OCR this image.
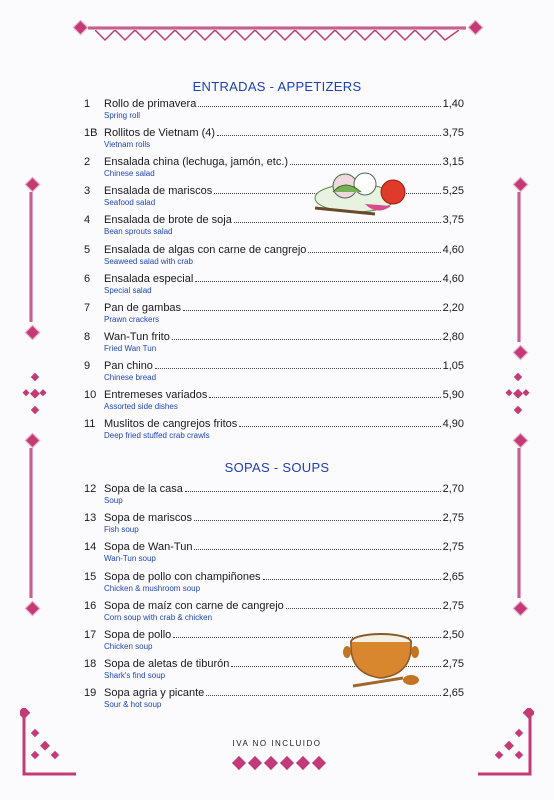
ENTRADAS - APPETIZERS
1	Rollo de primavera	1,40
Spring roll
1B Rollitos de Vietnam (4)	3,75
Vietnam rolls
2	Ensalada china (lechuga, jamón, etc.)	3,15
Chinese salad
3	Ensalada de mariscos	5,25
Seafood salad
4	Ensalada de brote de soja	3,75
Bean sprouts salad
5	Ensalada de algas con carne de cangrejo	4,60
Seaweed salad with crab
6	Ensalada especial	4,60
Special salad
7	Pan de gambas	2,20
Prawn crackers
8	Wan-Tun frito	2,80
Fried Wan Tun
9	Pan chino	1,05
Chinese bread
10 Entremeses variados	5,90
Assorted side dishes
11 Muslitos de cangrejos fritos	4,90
Deep fried stuffed crab crawls
SOPAS - SOUPS
12 Sopa de la casa	2,70
Soup
13 Sopa de mariscos	2,75
Fish soup
14 Sopa de Wan-Tun	2,75
Wan-Tun soup
15 Sopa de pollo con champiñones	2,65
Chicken & mushroom soup
16 Sopa de maíz con carne de cangrejo	2,75
Corn soup with crab & chicken
17 Sopa de pollo	2,50
Chicken soup
18 Sopa de aletas de tiburón	2,75
Shark's find soup
19 Sopa agria y picante	2,65
Sour & hot soup
IVA NO INCLUIDO
